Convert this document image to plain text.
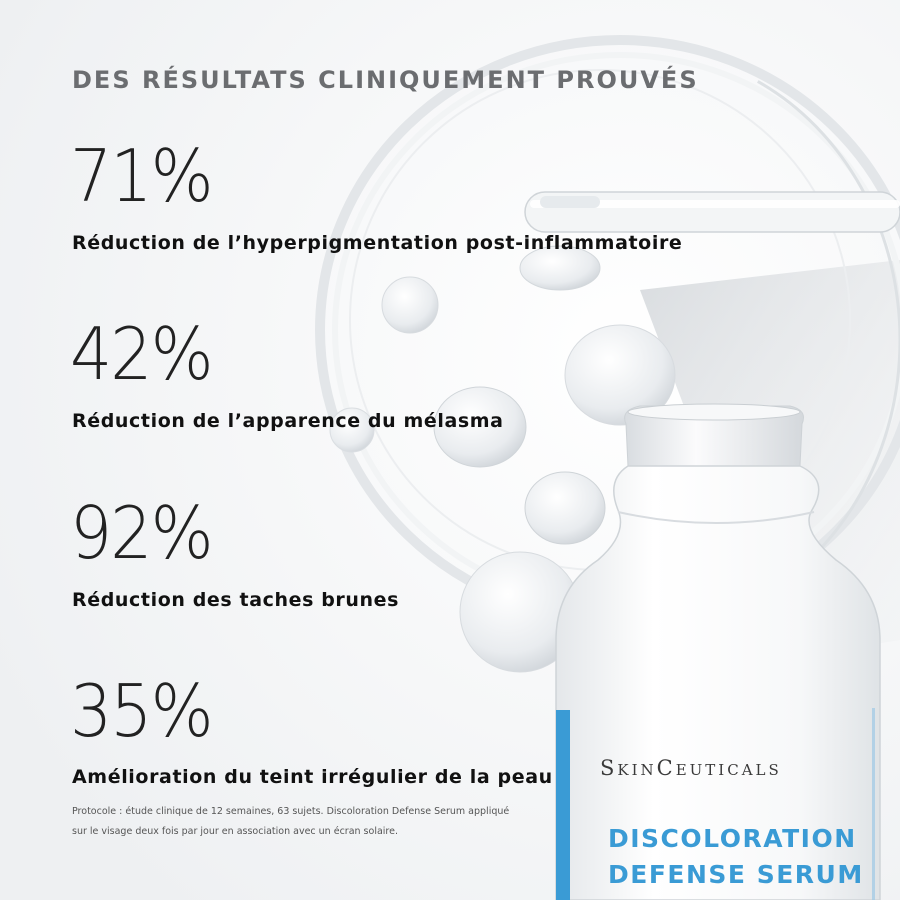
DES RÉSULTATS CLINIQUEMENT PROUVÉS
71%
Réduction de l’hyperpigmentation post-inflammatoire
42%
Réduction de l’apparence du mélasma
92%
Réduction des taches brunes
35%
Amélioration du teint irrégulier de la peau
Protocole : étude clinique de 12 semaines, 63 sujets. Discoloration Defense Serum appliqué
sur le visage deux fois par jour en association avec un écran solaire.
SkinCeuticals
DISCOLORATION
DEFENSE SERUM
